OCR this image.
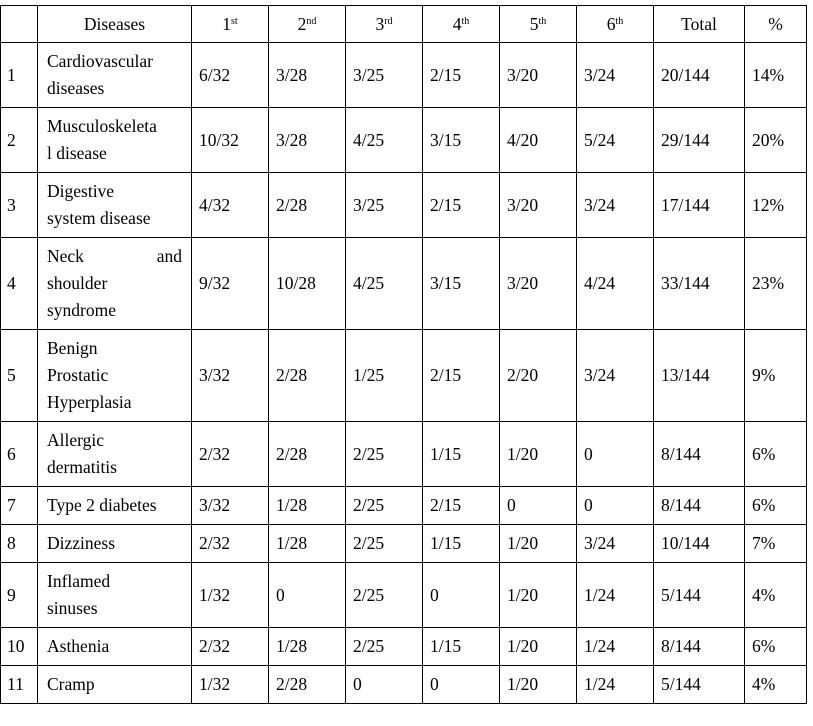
	Diseases	1st	2nd	3rd	4th	5th	6th	Total	%
1	Cardiovascular
diseases	6/32	3/28	3/25	2/15	3/20	3/24	20/144	14%
2	Musculoskeleta
l disease	10/32	3/28	4/25	3/15	4/20	5/24	29/144	20%
3	Digestive
system disease	4/32	2/28	3/25	2/15	3/20	3/24	17/144	12%
4	Neck and
shoulder
syndrome	9/32	10/28	4/25	3/15	3/20	4/24	33/144	23%
5	Benign
Prostatic
Hyperplasia	3/32	2/28	1/25	2/15	2/20	3/24	13/144	9%
6	Allergic
dermatitis	2/32	2/28	2/25	1/15	1/20	0	8/144	6%
7	Type 2 diabetes	3/32	1/28	2/25	2/15	0	0	8/144	6%
8	Dizziness	2/32	1/28	2/25	1/15	1/20	3/24	10/144	7%
9	Inflamed
sinuses	1/32	0	2/25	0	1/20	1/24	5/144	4%
10	Asthenia	2/32	1/28	2/25	1/15	1/20	1/24	8/144	6%
11	Cramp	1/32	2/28	0	0	1/20	1/24	5/144	4%
